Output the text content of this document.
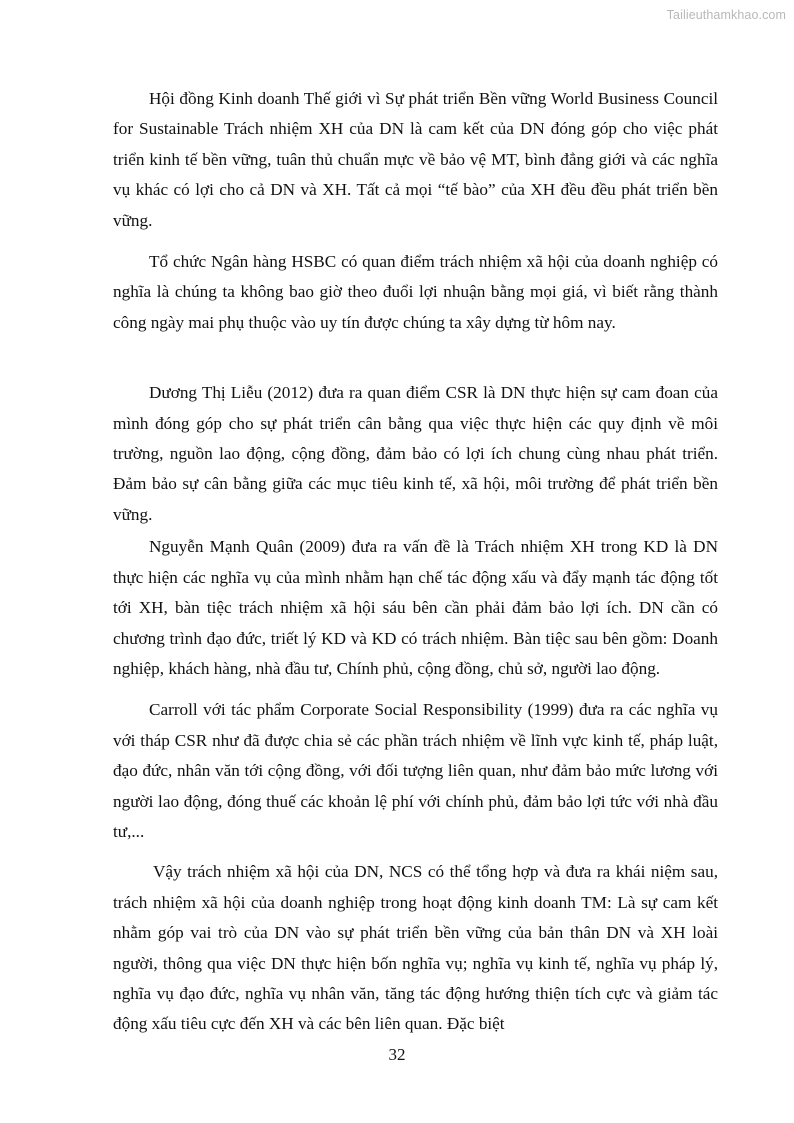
Tailieuthamkhao.com

Hội đồng Kinh doanh Thế giới vì Sự phát triển Bền vững World Business Council for Sustainable Trách nhiệm XH của DN là cam kết của DN đóng góp cho việc phát triển kinh tế bền vững, tuân thủ chuẩn mực về bảo vệ MT, bình đẳng giới và các nghĩa vụ khác có lợi cho cả DN và XH. Tất cả mọi “tế bào” của XH đều đều phát triển bền vững.

Tổ chức Ngân hàng HSBC có quan điểm trách nhiệm xã hội của doanh nghiệp có nghĩa là chúng ta không bao giờ theo đuổi lợi nhuận bằng mọi giá, vì biết rằng thành công ngày mai phụ thuộc vào uy tín được chúng ta xây dựng từ hôm nay.

Dương Thị Liễu (2012) đưa ra quan điểm CSR là DN thực hiện sự cam đoan của mình đóng góp cho sự phát triển cân bằng qua việc thực hiện các quy định về môi trường, nguồn lao động, cộng đồng, đảm bảo có lợi ích chung cùng nhau phát triển. Đảm bảo sự cân bằng giữa các mục tiêu kinh tế, xã hội, môi trường để phát triển bền vững.

Nguyễn Mạnh Quân (2009) đưa ra vấn đề là Trách nhiệm XH trong KD là DN thực hiện các nghĩa vụ của mình nhằm hạn chế tác động xấu và đẩy mạnh tác động tốt tới XH, bàn tiệc trách nhiệm xã hội sáu bên cần phải đảm bảo lợi ích. DN cần có chương trình đạo đức, triết lý KD và KD có trách nhiệm. Bàn tiệc sau bên gồm: Doanh nghiệp, khách hàng, nhà đầu tư, Chính phủ, cộng đồng, chủ sở, người lao động.

Carroll với tác phẩm Corporate Social Responsibility (1999) đưa ra các nghĩa vụ với tháp CSR như đã được chia sẻ các phần trách nhiệm về lĩnh vực kinh tế, pháp luật, đạo đức, nhân văn tới cộng đồng, với đối tượng liên quan, như đảm bảo mức lương với người lao động, đóng thuế các khoản lệ phí với chính phủ, đảm bảo lợi tức với nhà đầu tư,...

Vậy trách nhiệm xã hội của DN, NCS có thể tổng hợp và đưa ra khái niệm sau, trách nhiệm xã hội của doanh nghiệp trong hoạt động kinh doanh TM: Là sự cam kết nhằm góp vai trò của DN vào sự phát triển bền vững của bản thân DN và XH loài người, thông qua việc DN thực hiện bốn nghĩa vụ; nghĩa vụ kinh tế, nghĩa vụ pháp lý, nghĩa vụ đạo đức, nghĩa vụ nhân văn, tăng tác động hướng thiện tích cực và giảm tác động xấu tiêu cực đến XH và các bên liên quan. Đặc biệt

32
